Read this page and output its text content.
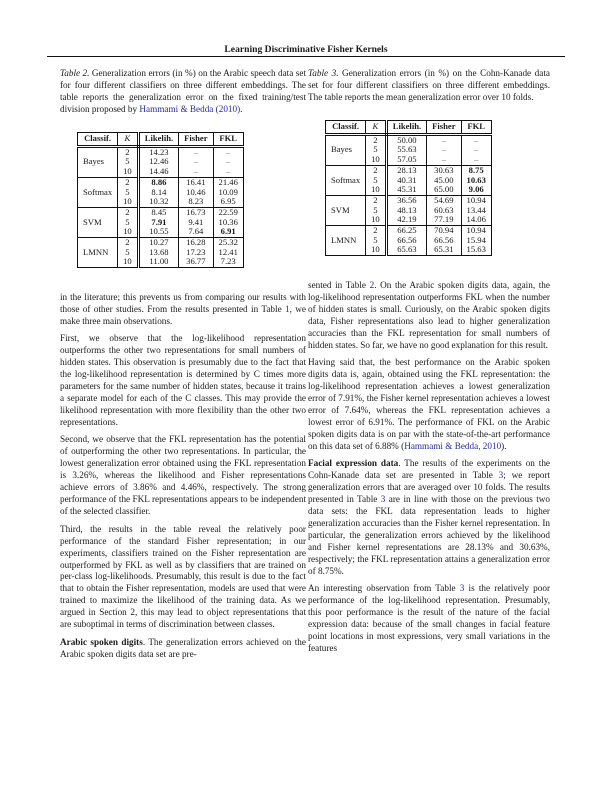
Learning Discriminative Fisher Kernels

Table 2. Generalization errors (in %) on the Arabic speech data set for four different classifiers on three different embeddings. The table reports the generalization error on the fixed training/test division proposed by Hammami & Bedda (2010).

Table 3. Generalization errors (in %) on the Cohn-Kanade data set for four different classifiers on three different embeddings. The table reports the mean generalization error over 10 folds.

Classif.	K	Likelih.	Fisher	FKL
Bayes	2	14.23	–	–
	5	12.46	–	–
	10	14.46	–	–
Softmax	2	8.86	16.41	21.46
	5	8.14	10.46	10.09
	10	10.32	8.23	6.95
SVM	2	8.45	16.73	22.59
	5	7.91	9.41	10.36
	10	10.55	7.64	6.91
LMNN	2	10.27	16.28	25.32
	5	13.68	17.23	12.41
	10	11.00	36.77	7.23
Classif.	K	Likelih.	Fisher	FKL
Bayes	2	50.00	–	–
	5	55.63	–	–
	10	57.05	–	–
Softmax	2	28.13	30.63	8.75
	5	40.31	45.00	10.63
	10	45.31	65.00	9.06
SVM	2	36.56	54.69	10.94
	5	48.13	60.63	13.44
	10	42.19	77.19	14.06
LMNN	2	66.25	70.94	10.94
	5	66.56	66.56	15.94
	10	65.63	65.31	15.63

in the literature; this prevents us from comparing our results with those of other studies. From the results presented in Table 1, we make three main observations.

First, we observe that the log-likelihood representation outperforms the other two representations for small numbers of hidden states. This observation is presumably due to the fact that the log-likelihood representation is determined by C times more parameters for the same number of hidden states, because it trains a separate model for each of the C classes. This may provide the likelihood representation with more flexibility than the other two representations.

Second, we observe that the FKL representation has the potential of outperforming the other two representations. In particular, the lowest generalization error obtained using the FKL representation is 3.26%, whereas the likelihood and Fisher representations achieve errors of 3.86% and 4.46%, respectively. The strong performance of the FKL representations appears to be independent of the selected classifier.

Third, the results in the table reveal the relatively poor performance of the standard Fisher representation; in our experiments, classifiers trained on the Fisher representation are outperformed by FKL as well as by classifiers that are trained on per-class log-likelihoods. Presumably, this result is due to the fact that to obtain the Fisher representation, models are used that were trained to maximize the likelihood of the training data. As we argued in Section 2, this may lead to object representations that are suboptimal in terms of discrimination between classes.

Arabic spoken digits. The generalization errors achieved on the Arabic spoken digits data set are pre-

sented in Table 2. On the Arabic spoken digits data, again, the log-likelihood representation outperforms FKL when the number of hidden states is small. Curiously, on the Arabic spoken digits data, Fisher representations also lead to higher generalization accuracies than the FKL representation for small numbers of hidden states. So far, we have no good explanation for this result.

Having said that, the best performance on the Arabic spoken digits data is, again, obtained using the FKL representation: the log-likelihood representation achieves a lowest generalization error of 7.91%, the Fisher kernel representation achieves a lowest error of 7.64%, whereas the FKL representation achieves a lowest error of 6.91%. The performance of FKL on the Arabic spoken digits data is on par with the state-of-the-art performance on this data set of 6.88% (Hammami & Bedda, 2010).

Facial expression data. The results of the experiments on the Cohn-Kanade data set are presented in Table 3; we report generalization errors that are averaged over 10 folds. The results presented in Table 3 are in line with those on the previous two data sets: the FKL data representation leads to higher generalization accuracies than the Fisher kernel representation. In particular, the generalization errors achieved by the likelihood and Fisher kernel representations are 28.13% and 30.63%, respectively; the FKL representation attains a generalization error of 8.75%.

An interesting observation from Table 3 is the relatively poor performance of the log-likelihood representation. Presumably, this poor performance is the result of the nature of the facial expression data: because of the small changes in facial feature point locations in most expressions, very small variations in the features
